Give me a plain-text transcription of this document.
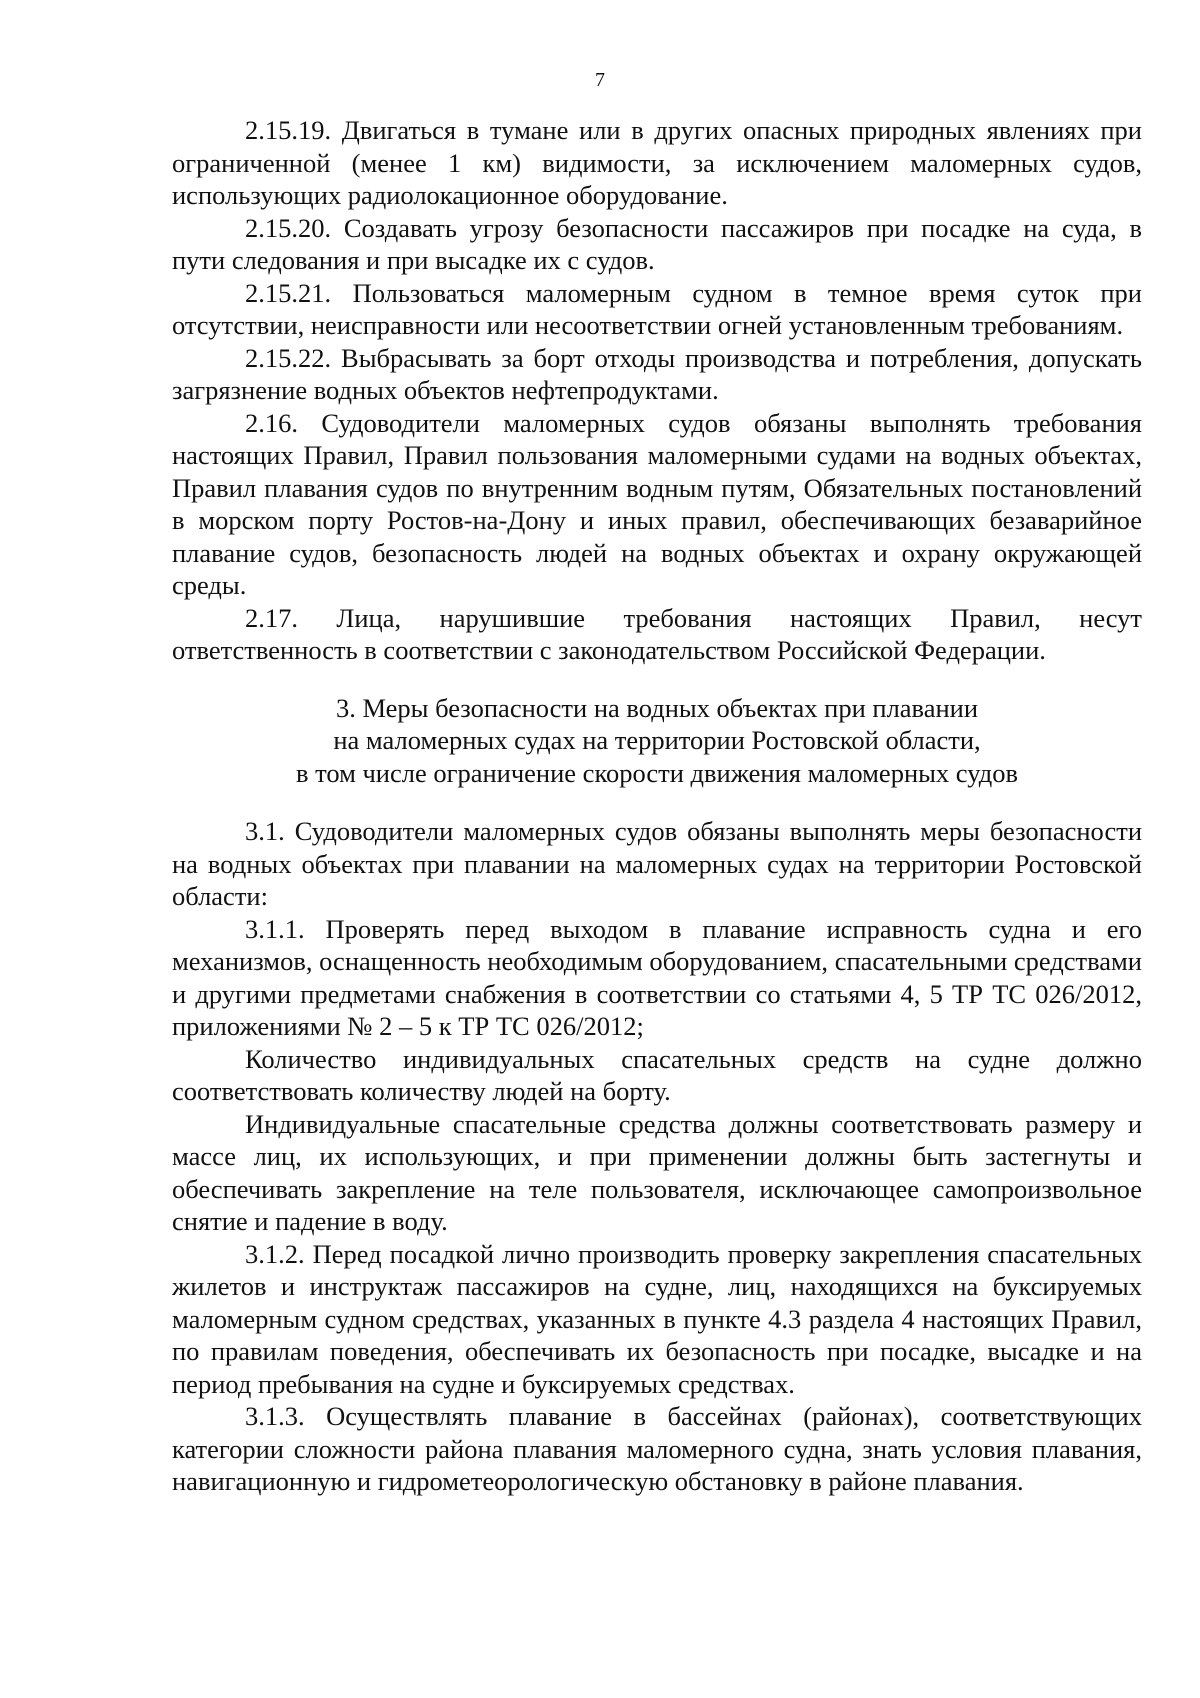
7

2.15.19. Двигаться в тумане или в других опасных природных явлениях при ограниченной (менее 1 км) видимости, за исключением маломерных судов, использующих радиолокационное оборудование.

2.15.20. Создавать угрозу безопасности пассажиров при посадке на суда, в пути следования и при высадке их с судов.

2.15.21. Пользоваться маломерным судном в темное время суток при отсутствии, неисправности или несоответствии огней установленным требованиям.

2.15.22. Выбрасывать за борт отходы производства и потребления, допускать загрязнение водных объектов нефтепродуктами.

2.16. Судоводители маломерных судов обязаны выполнять требования настоящих Правил, Правил пользования маломерными судами на водных объектах, Правил плавания судов по внутренним водным путям, Обязательных постановлений в морском порту Ростов-на-Дону и иных правил, обеспечивающих безаварийное плавание судов, безопасность людей на водных объектах и охрану окружающей среды.

2.17. Лица, нарушившие требования настоящих Правил, несут ответственность в соответствии с законодательством Российской Федерации.

3. Меры безопасности на водных объектах при плавании
на маломерных судах на территории Ростовской области,
в том числе ограничение скорости движения маломерных судов

3.1. Судоводители маломерных судов обязаны выполнять меры безопасности на водных объектах при плавании на маломерных судах на территории Ростовской области:

3.1.1. Проверять перед выходом в плавание исправность судна и его механизмов, оснащенность необходимым оборудованием, спасательными средствами и другими предметами снабжения в соответствии со статьями 4, 5 ТР ТС 026/2012, приложениями № 2 – 5 к ТР ТС 026/2012;

Количество индивидуальных спасательных средств на судне должно соответствовать количеству людей на борту.

Индивидуальные спасательные средства должны соответствовать размеру и массе лиц, их использующих, и при применении должны быть застегнуты и обеспечивать закрепление на теле пользователя, исключающее самопроизвольное снятие и падение в воду.

3.1.2. Перед посадкой лично производить проверку закрепления спасательных жилетов и инструктаж пассажиров на судне, лиц, находящихся на буксируемых маломерным судном средствах, указанных в пункте 4.3 раздела 4 настоящих Правил, по правилам поведения, обеспечивать их безопасность при посадке, высадке и на период пребывания на судне и буксируемых средствах.

3.1.3. Осуществлять плавание в бассейнах (районах), соответствующих категории сложности района плавания маломерного судна, знать условия плавания, навигационную и гидрометеорологическую обстановку в районе плавания.
